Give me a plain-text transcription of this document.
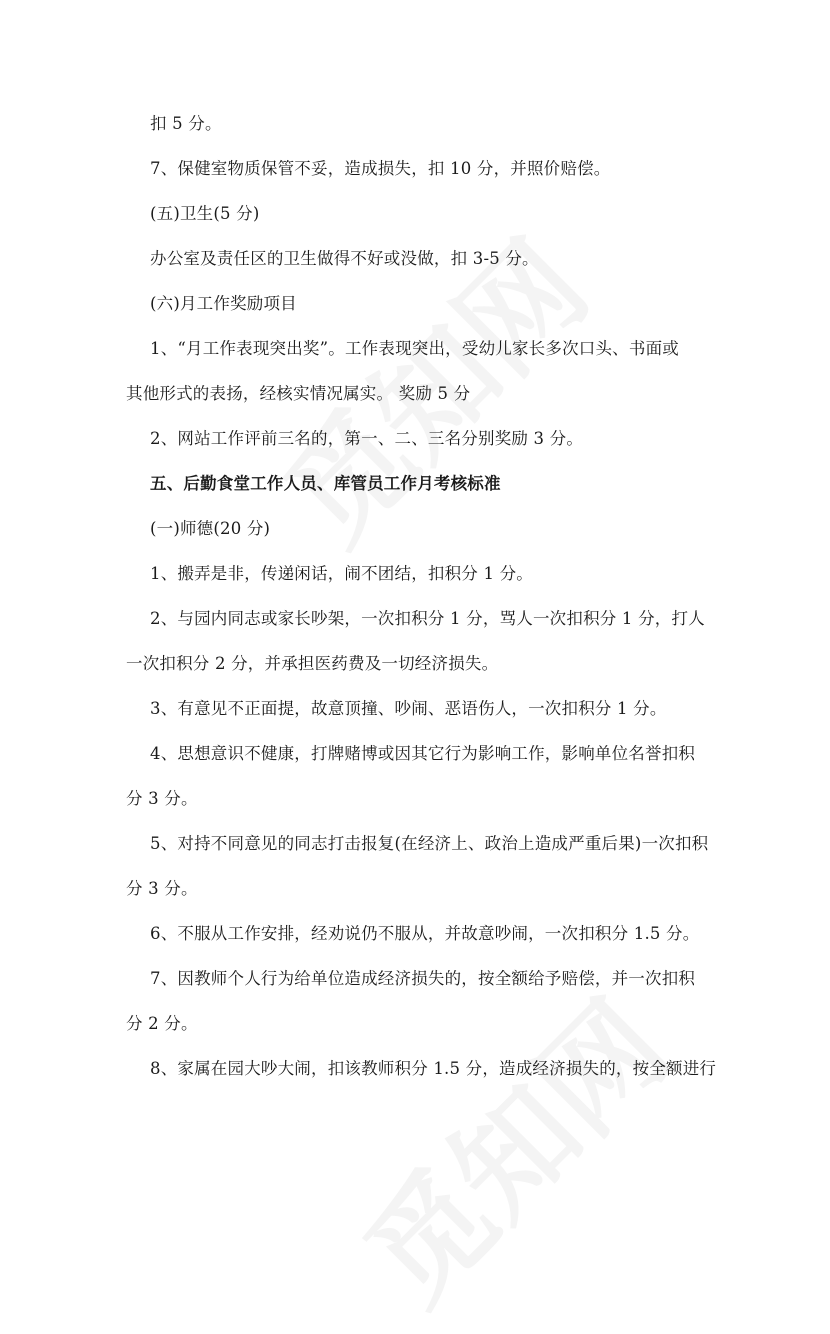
扣 5 分。
7、保健室物质保管不妥，造成损失，扣 10 分，并照价赔偿。
(五)卫生(5 分)
办公室及责任区的卫生做得不好或没做，扣 3-5 分。
(六)月工作奖励项目
1、“月工作表现突出奖”。工作表现突出，受幼儿家长多次口头、书面或
其他形式的表扬，经核实情况属实。 奖励 5 分
2、网站工作评前三名的，第一、二、三名分别奖励 3 分。
五、后勤食堂工作人员、库管员工作月考核标准
(一)师德(20 分)
1、搬弄是非，传递闲话，闹不团结，扣积分 1 分。
2、与园内同志或家长吵架，一次扣积分 1 分，骂人一次扣积分 1 分，打人
一次扣积分 2 分，并承担医药费及一切经济损失。
3、有意见不正面提，故意顶撞、吵闹、恶语伤人，一次扣积分 1 分。
4、思想意识不健康，打牌赌博或因其它行为影响工作，影响单位名誉扣积
分 3 分。
5、对持不同意见的同志打击报复(在经济上、政治上造成严重后果)一次扣积
分 3 分。
6、不服从工作安排，经劝说仍不服从，并故意吵闹，一次扣积分 1.5 分。
7、因教师个人行为给单位造成经济损失的，按全额给予赔偿，并一次扣积
分 2 分。
8、家属在园大吵大闹，扣该教师积分 1.5 分，造成经济损失的，按全额进行
